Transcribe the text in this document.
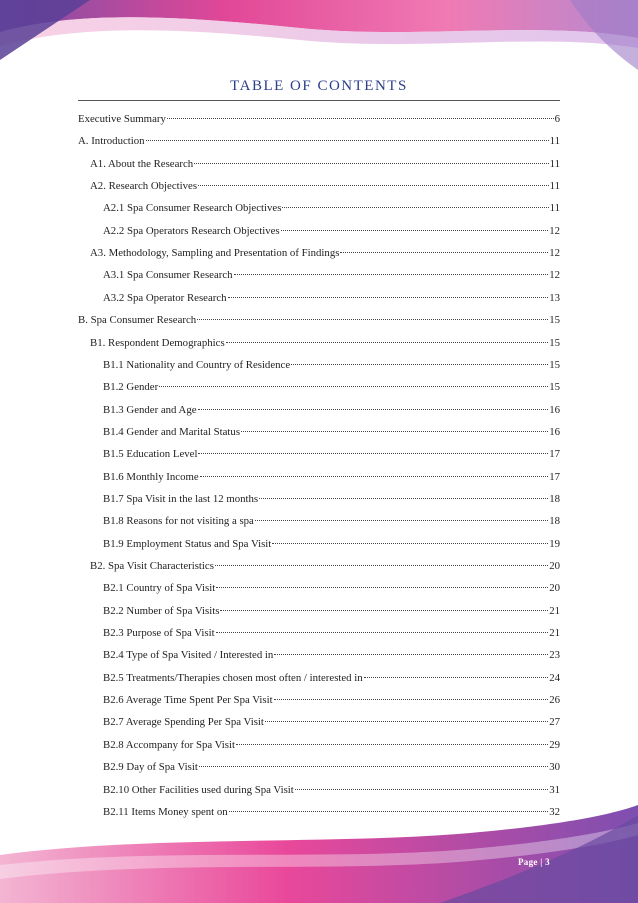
TABLE OF CONTENTS
Executive Summary	6
A. Introduction	11
A1. About the Research	11
A2. Research Objectives	11
A2.1 Spa Consumer Research Objectives	11
A2.2 Spa Operators Research Objectives	12
A3. Methodology, Sampling and Presentation of Findings	12
A3.1 Spa Consumer Research	12
A3.2 Spa Operator Research	13
B. Spa Consumer Research	15
B1. Respondent Demographics	15
B1.1 Nationality and Country of Residence	15
B1.2 Gender	15
B1.3 Gender and Age	16
B1.4 Gender and Marital Status	16
B1.5 Education Level	17
B1.6 Monthly Income	17
B1.7 Spa Visit in the last 12 months	18
B1.8 Reasons for not visiting a spa	18
B1.9 Employment Status and Spa Visit	19
B2. Spa Visit Characteristics	20
B2.1 Country of Spa Visit	20
B2.2 Number of Spa Visits	21
B2.3 Purpose of Spa Visit	21
B2.4 Type of Spa Visited / Interested in	23
B2.5 Treatments/Therapies chosen most often / interested in	24
B2.6 Average Time Spent Per Spa Visit	26
B2.7 Average Spending Per Spa Visit	27
B2.8 Accompany for Spa Visit	29
B2.9 Day of Spa Visit	30
B2.10 Other Facilities used during Spa Visit	31
B2.11 Items Money spent on	32
Page | 3
